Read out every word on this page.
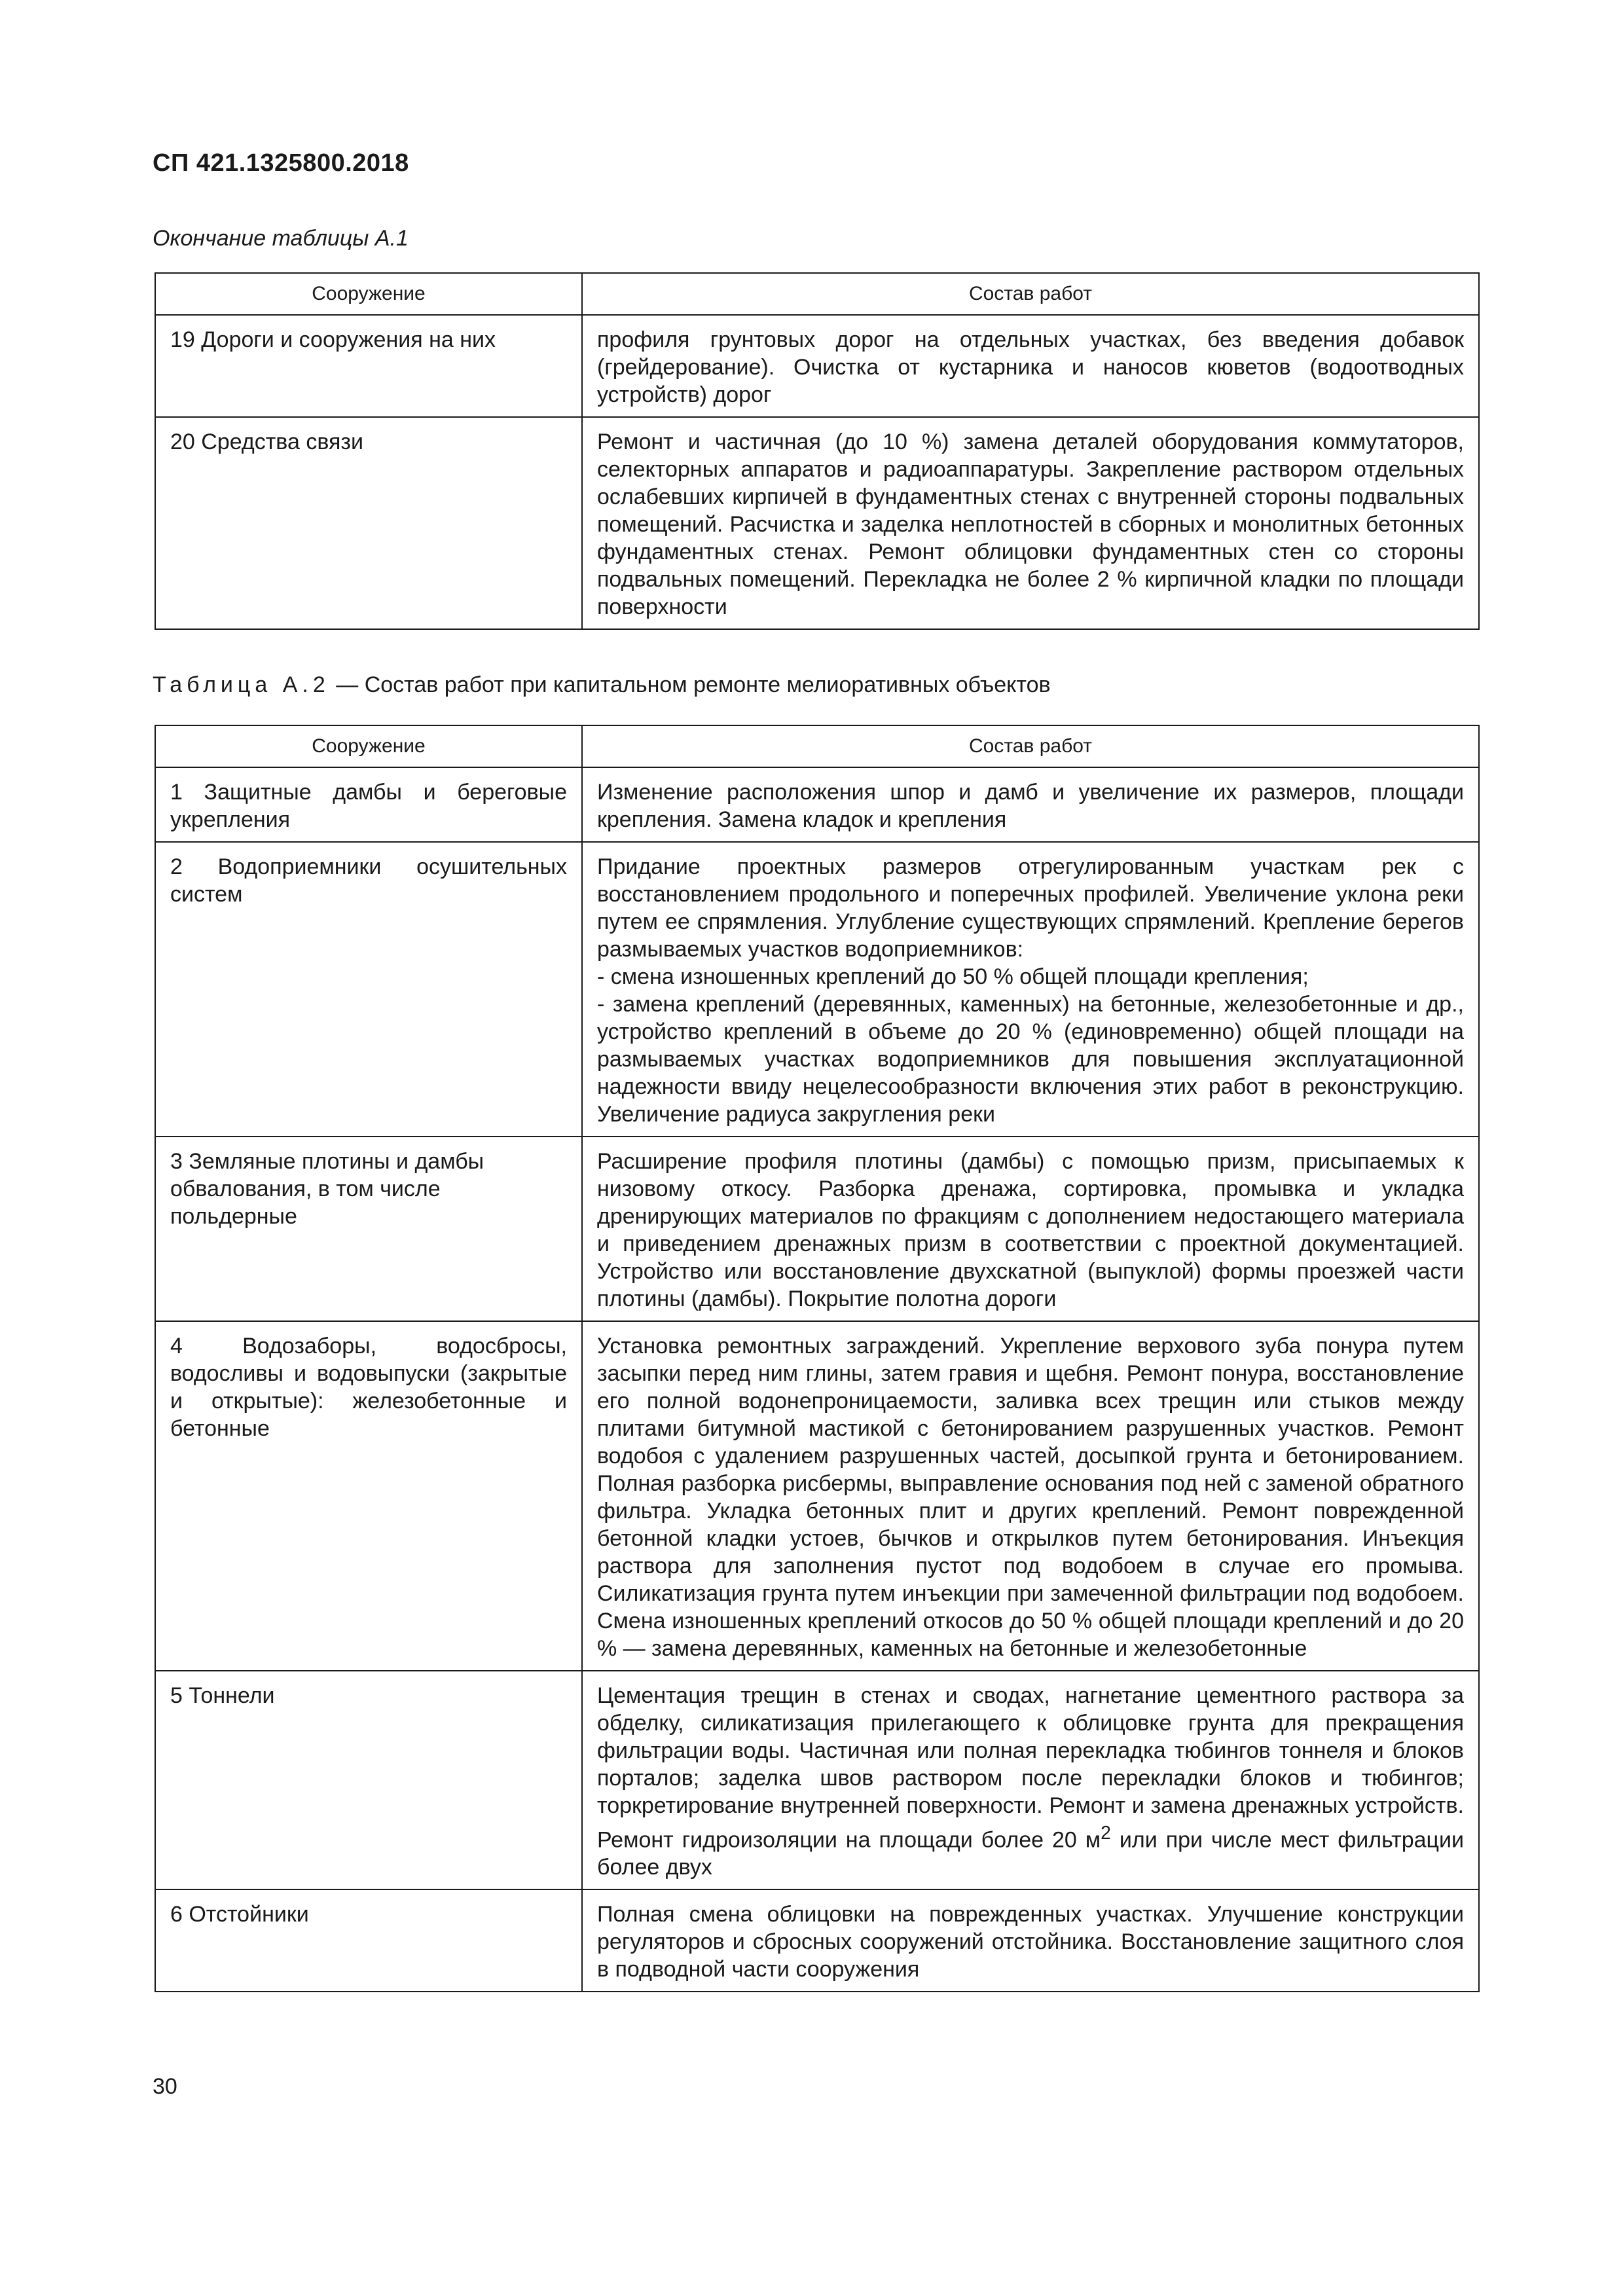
СП 421.1325800.2018
Окончание таблицы А.1
Сооружение	Состав работ
19 Дороги и сооружения на них	профиля грунтовых дорог на отдельных участках, без введения добавок (грейдерование). Очистка от кустарника и наносов кюветов (водоотводных устройств) дорог
20 Средства связи	Ремонт и частичная (до 10 %) замена деталей оборудования коммутаторов, селекторных аппаратов и радиоаппаратуры. Закрепление раствором отдельных ослабевших кирпичей в фундаментных стенах с внутренней стороны подвальных помещений. Расчистка и заделка неплотностей в сборных и монолитных бетонных фундаментных стенах. Ремонт облицовки фундаментных стен со стороны подвальных помещений. Перекладка не более 2 % кирпичной кладки по площади поверхности
Таблица А.2 — Состав работ при капитальном ремонте мелиоративных объектов
Сооружение	Состав работ
1 Защитные дамбы и береговые укрепления	Изменение расположения шпор и дамб и увеличение их размеров, площади крепления. Замена кладок и крепления
2 Водоприемники осушительных систем	Придание проектных размеров отрегулированным участкам рек с восстановлением продольного и поперечных профилей. Увеличение уклона реки путем ее спрямления. Углубление существующих спрямлений. Крепление берегов размываемых участков водоприемников:
- смена изношенных креплений до 50 % общей площади крепления;
- замена креплений (деревянных, каменных) на бетонные, железобетонные и др., устройство креплений в объеме до 20 % (единовременно) общей площади на размываемых участках водоприемников для повышения эксплуатационной надежности ввиду нецелесообразности включения этих работ в реконструкцию. Увеличение радиуса закругления реки

3 Земляные плотины и дамбы обвалования, в том числе польдерные	Расширение профиля плотины (дамбы) с помощью призм, присыпаемых к низовому откосу. Разборка дренажа, сортировка, промывка и укладка дренирующих материалов по фракциям с дополнением недостающего материала и приведением дренажных призм в соответствии с проектной документацией. Устройство или восстановление двухскатной (выпуклой) формы проезжей части плотины (дамбы). Покрытие полотна дороги
4 Водозаборы, водосбросы, водосливы и водовыпуски (закрытые и открытые): железобетонные и бетонные	Установка ремонтных заграждений. Укрепление верхового зуба понура путем засыпки перед ним глины, затем гравия и щебня. Ремонт понура, восстановление его полной водонепроницаемости, заливка всех трещин или стыков между плитами битумной мастикой с бетонированием разрушенных участков. Ремонт водобоя с удалением разрушенных частей, досыпкой грунта и бетонированием. Полная разборка рисбермы, выправление основания под ней с заменой обратного фильтра. Укладка бетонных плит и других креплений. Ремонт поврежденной бетонной кладки устоев, бычков и открылков путем бетонирования. Инъекция раствора для заполнения пустот под водобоем в случае его промыва. Силикатизация грунта путем инъекции при замеченной фильтрации под водобоем. Смена изношенных креплений откосов до 50 % общей площади креплений и до 20 % — замена деревянных, каменных на бетонные и железобетонные
5 Тоннели	Цементация трещин в стенах и сводах, нагнетание цементного раствора за обделку, силикатизация прилегающего к облицовке грунта для прекращения фильтрации воды. Частичная или полная перекладка тюбингов тоннеля и блоков порталов; заделка швов раствором после перекладки блоков и тюбингов; торкретирование внутренней поверхности. Ремонт и замена дренажных устройств. Ремонт гидроизоляции на площади более 20 $м^2$ или при числе мест фильтрации более двух
6 Отстойники	Полная смена облицовки на поврежденных участках. Улучшение конструкции регуляторов и сбросных сооружений отстойника. Восстановление защитного слоя в подводной части сооружения
30
